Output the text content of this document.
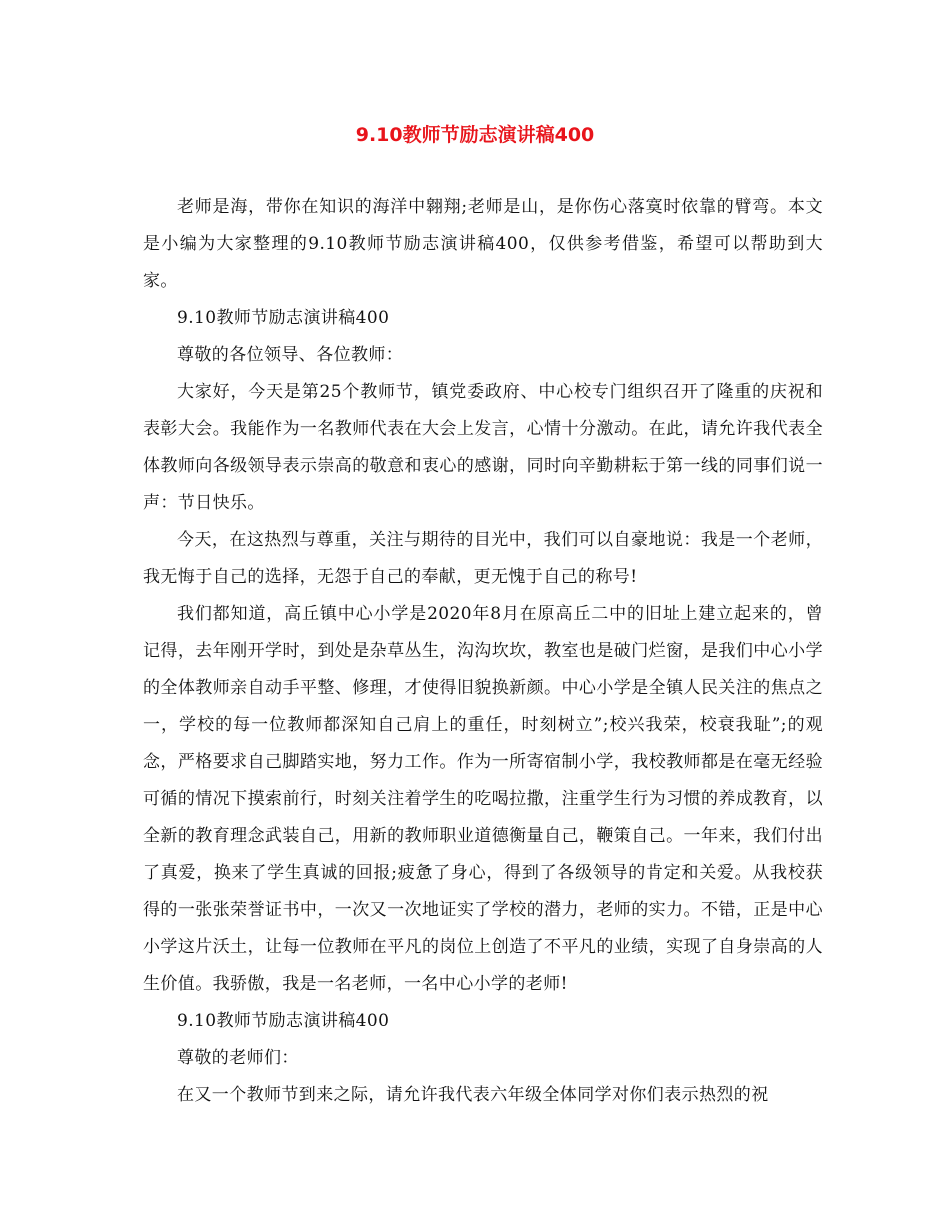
9.10教师节励志演讲稿400

老师是海，带你在知识的海洋中翱翔;老师是山，是你伤心落寞时依靠的臂弯。本文是小编为大家整理的9.10教师节励志演讲稿400，仅供参考借鉴，希望可以帮助到大家。

9.10教师节励志演讲稿400

尊敬的各位领导、各位教师：

大家好，今天是第25个教师节，镇党委政府、中心校专门组织召开了隆重的庆祝和表彰大会。我能作为一名教师代表在大会上发言，心情十分激动。在此，请允许我代表全体教师向各级领导表示崇高的敬意和衷心的感谢，同时向辛勤耕耘于第一线的同事们说一声：节日快乐。

今天，在这热烈与尊重，关注与期待的目光中，我们可以自豪地说：我是一个老师，我无悔于自己的选择，无怨于自己的奉献，更无愧于自己的称号!

我们都知道，高丘镇中心小学是2020年8月在原高丘二中的旧址上建立起来的，曾记得，去年刚开学时，到处是杂草丛生，沟沟坎坎，教室也是破门烂窗，是我们中心小学的全体教师亲自动手平整、修理，才使得旧貌换新颜。中心小学是全镇人民关注的焦点之一，学校的每一位教师都深知自己肩上的重任，时刻树立”;校兴我荣，校衰我耻”;的观念，严格要求自己脚踏实地，努力工作。作为一所寄宿制小学，我校教师都是在毫无经验可循的情况下摸索前行，时刻关注着学生的吃喝拉撒，注重学生行为习惯的养成教育，以全新的教育理念武装自己，用新的教师职业道德衡量自己，鞭策自己。一年来，我们付出了真爱，换来了学生真诚的回报;疲惫了身心，得到了各级领导的肯定和关爱。从我校获得的一张张荣誉证书中，一次又一次地证实了学校的潜力，老师的实力。不错，正是中心小学这片沃土，让每一位教师在平凡的岗位上创造了不平凡的业绩，实现了自身崇高的人生价值。我骄傲，我是一名老师，一名中心小学的老师!

9.10教师节励志演讲稿400

尊敬的老师们：

在又一个教师节到来之际，请允许我代表六年级全体同学对你们表示热烈的祝
